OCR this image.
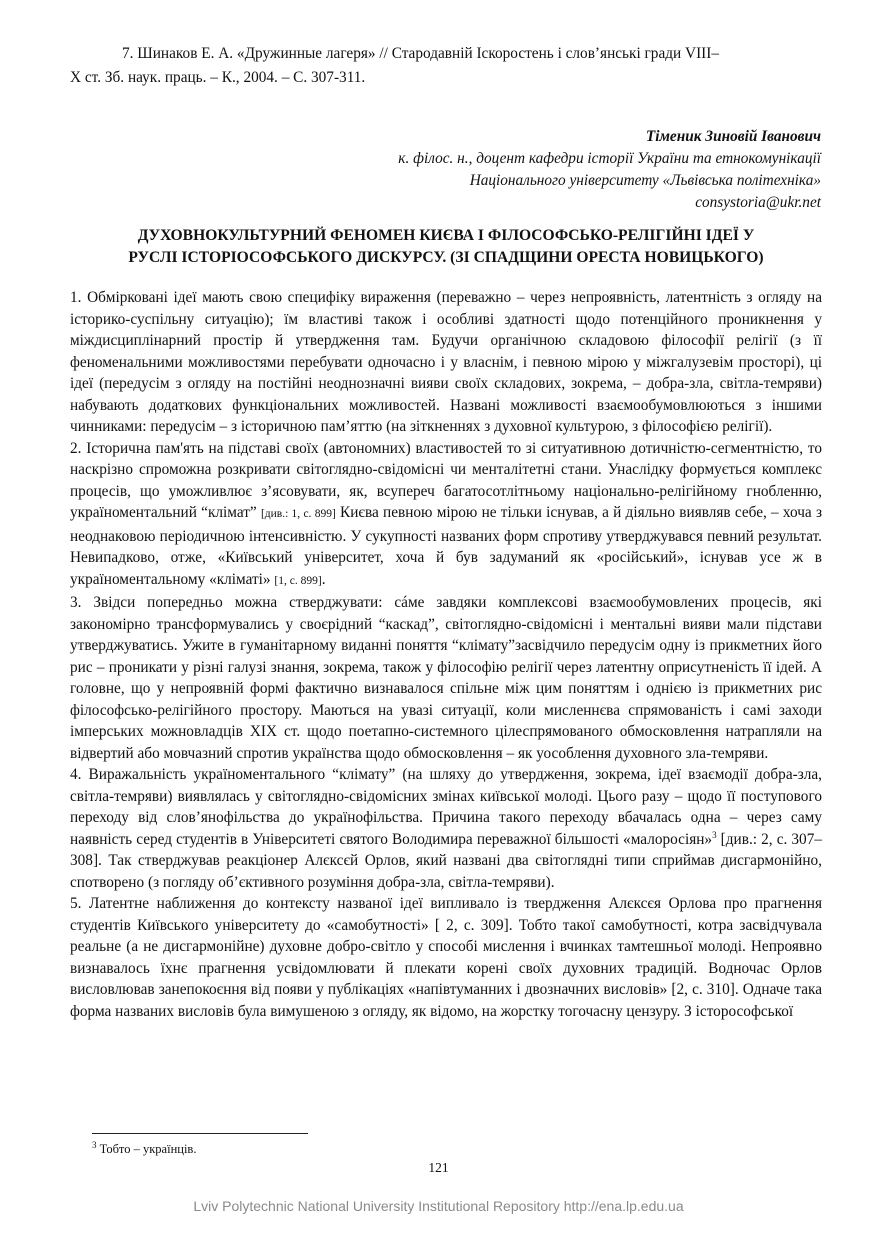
7. Шинаков Е. А. «Дружинные лагеря» // Стародавній Іскоростень і слов’янські гради VIII–
Х ст. Зб. наук. праць. – К., 2004. – С. 307-311.
Тіменик Зиновій Іванович
к. філос. н., доцент кафедри історії України та етнокомунікації
Національного університету «Львівська політехніка»
consystoria@ukr.net
ДУХОВНОКУЛЬТУРНИЙ ФЕНОМЕН КИЄВА І ФІЛОСОФСЬКО-РЕЛІГІЙНІ ІДЕЇ У
РУСЛІ ІСТОРІОСОФСЬКОГО ДИСКУРСУ. (ЗІ СПАДЩИНИ ОРЕСТА НОВИЦЬКОГО)

1. Обмірковані ідеї мають свою специфіку вираження (переважно – через непроявність, латентність з огляду на історико-суспільну ситуацію); їм властиві також і особливі здатності щодо потенційного проникнення у міждисциплінарний простір й утвердження там. Будучи органічною складовою філософії релігії (з її феноменальними можливостями перебувати одночасно і у власнім, і певною мірою у міжгалузевім просторі), ці ідеї (передусім з огляду на постійні неоднозначні вияви своїх складових, зокрема, – добра-зла, світла-темряви) набувають додаткових функціональних можливостей. Названі можливості взаємообумовлюються з іншими чинниками: передусім – з історичною пам’яттю (на зіткненнях з духовної культурою, з філософією релігії).

2. Історична пам'ять на підставі своїх (автономних) властивостей то зі ситуативною дотичністю-сегментністю, то наскрізно спроможна розкривати світоглядно-свідомісні чи менталітетні стани. Унаслідку формується комплекс процесів, що уможливлює з’ясовувати, як, всупереч багатосотлітньому національно-релігійному гнобленню, україноментальний “клімат” [див.: 1, с. 899] Києва певною мірою не тільки існував, а й діяльно виявляв себе, – хоча з неоднаковою періодичною інтенсивністю. У сукупності названих форм спротиву утверджувався певний результат. Невипадково, отже, «Київський університет, хоча й був задуманий як «російський», існував усе ж в україноментальному «кліматі» [1, с. 899].

3. Звідси попередньо можна стверджувати: сáме завдяки комплексові взаємообумовлених процесів, які закономірно трансформувались у своєрідний “каскад”, світоглядно-свідомісні і ментальні вияви мали підстави утверджуватись. Ужите в гуманітарному виданні поняття “клімату”засвідчило передусім одну із прикметних його рис – проникати у різні галузі знання, зокрема, також у філософію релігії через латентну оприсутненість її ідей. А головне, що у непроявній формі фактично визнавалося спільне між цим поняттям і однією із прикметних рис філософсько-релігійного простору. Маються на увазі ситуації, коли мисленнєва спрямованість і самі заходи імперських можновладців XIX ст. щодо поетапно-системного цілеспрямованого обмосковлення натрапляли на відвертий або мовчазний спротив українства щодо обмосковлення – як уособлення духовного зла-темряви.

4. Виражальність україноментального “клімату” (на шляху до утвердження, зокрема, ідеї взаємодії добра-зла, світла-темряви) виявлялась у світоглядно-свідомісних змінах київської молоді. Цього разу – щодо її поступового переходу від слов’янофільства до українофільства. Причина такого переходу вбачалась одна – через саму наявність серед студентів в Університеті святого Володимира переважної більшості «малоросіян»$^3$ [див.: 2, с. 307–308]. Так стверджував реакціонер Алєксєй Орлов, який названі два світоглядні типи сприймав дисгармонійно, спотворено (з погляду об’єктивного розуміння добра-зла, світла-темряви).

5. Латентне наближення до контексту названої ідеї випливало із твердження Алєксєя Орлова про прагнення студентів Київського університету до «самобутності» [ 2, с. 309]. Тобто такої самобутності, котра засвідчувала реальне (а не дисгармонійне) духовне добро-світло у способі мислення і вчинках тамтешньої молоді. Непроявно визнавалось їхнє прагнення усвідомлювати й плекати корені своїх духовних традицій. Водночас Орлов висловлював занепокоєння від появи у публікаціях «напівтуманних і двозначних висловів» [2, с. 310]. Одначе така форма названих висловів була вимушеною з огляду, як відомо, на жорстку тогочасну цензуру. З історософської

$^3$ Тобто – українців.
121
Lviv Polytechnic National University Institutional Repository http://ena.lp.edu.ua
